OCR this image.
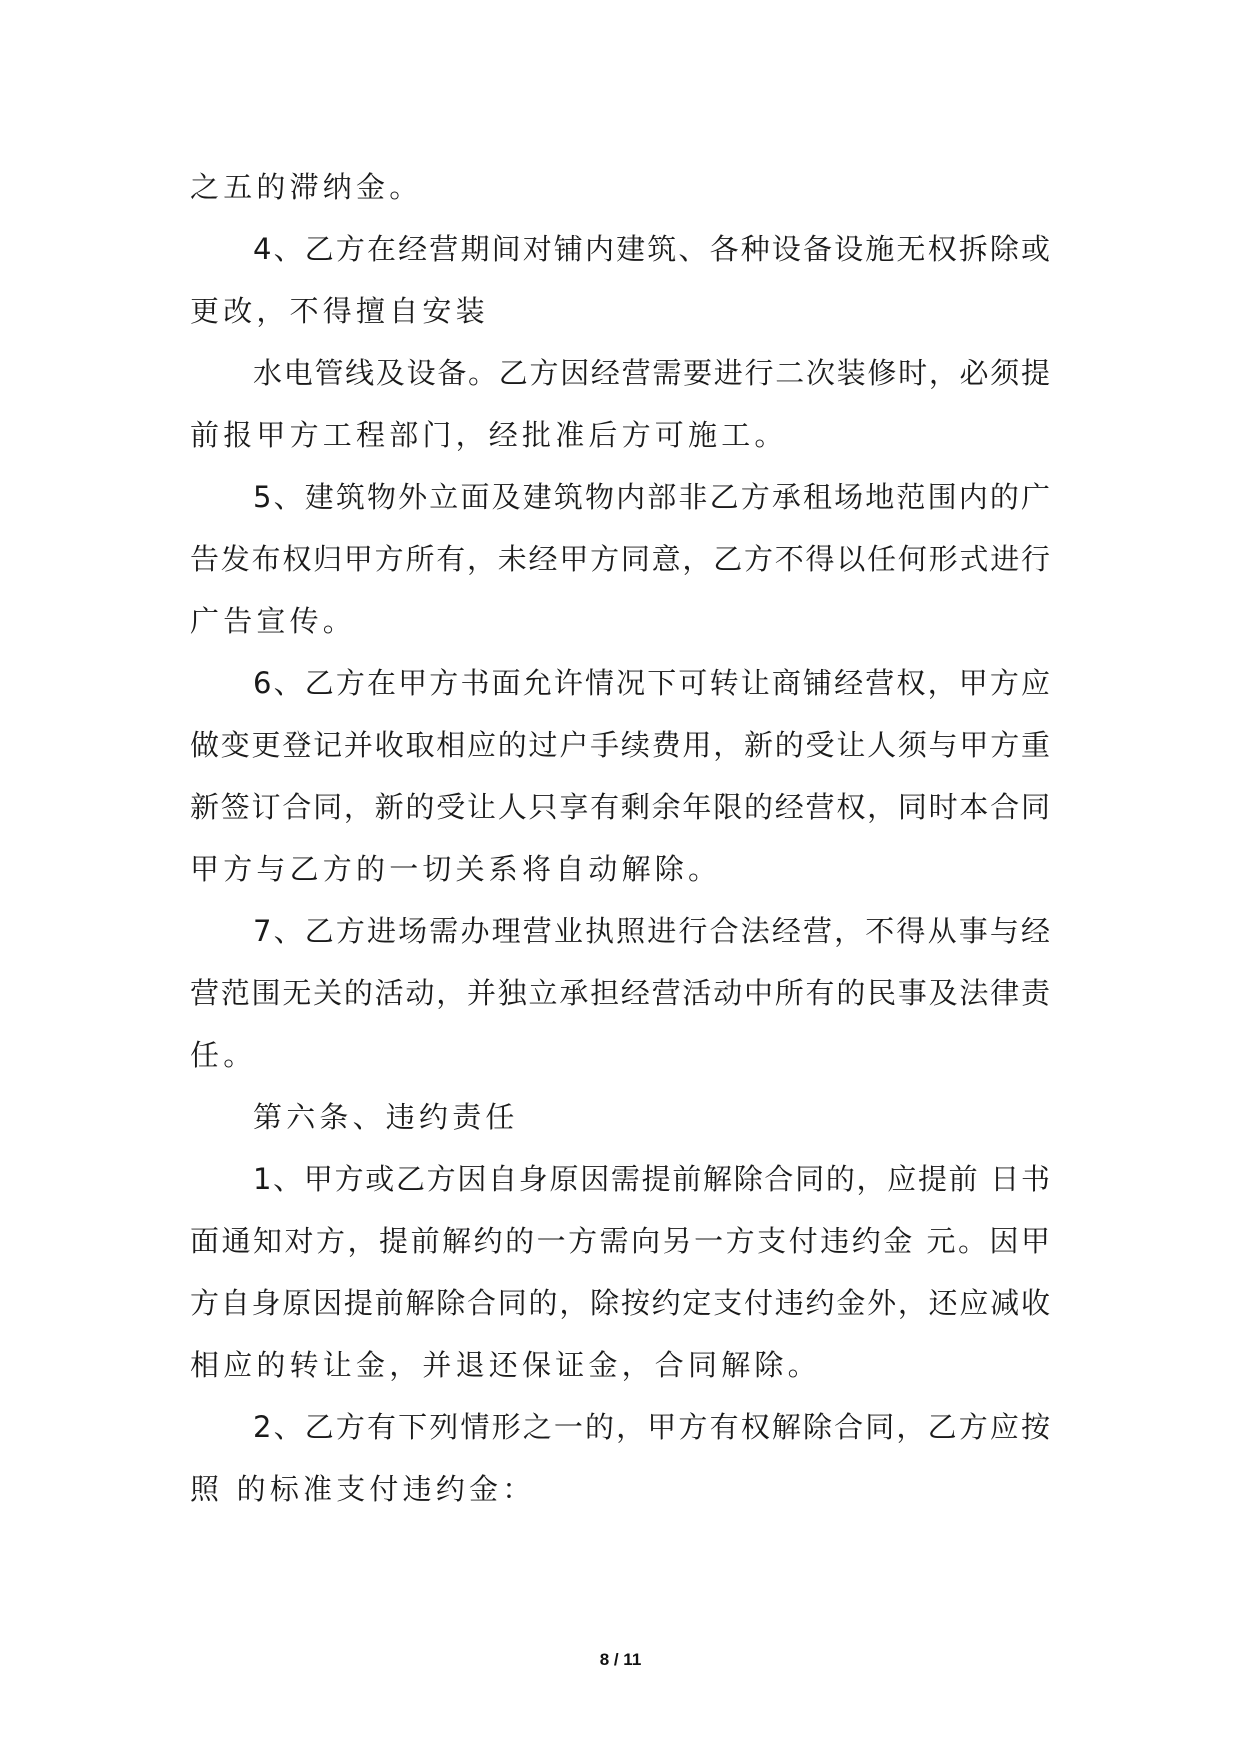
之五的滞纳金。
4、乙方在经营期间对铺内建筑、各种设备设施无权拆除或
更改，不得擅自安装
水电管线及设备。乙方因经营需要进行二次装修时，必须提
前报甲方工程部门，经批准后方可施工。
5、建筑物外立面及建筑物内部非乙方承租场地范围内的广
告发布权归甲方所有，未经甲方同意，乙方不得以任何形式进行
广告宣传。
6、乙方在甲方书面允许情况下可转让商铺经营权，甲方应
做变更登记并收取相应的过户手续费用，新的受让人须与甲方重
新签订合同，新的受让人只享有剩余年限的经营权，同时本合同
甲方与乙方的一切关系将自动解除。
7、乙方进场需办理营业执照进行合法经营，不得从事与经
营范围无关的活动，并独立承担经营活动中所有的民事及法律责
任。
第六条、违约责任
1、甲方或乙方因自身原因需提前解除合同的，应提前 日书
面通知对方，提前解约的一方需向另一方支付违约金 元。因甲
方自身原因提前解除合同的，除按约定支付违约金外，还应减收
相应的转让金，并退还保证金，合同解除。
2、乙方有下列情形之一的，甲方有权解除合同，乙方应按
照 的标准支付违约金：
8 / 11
